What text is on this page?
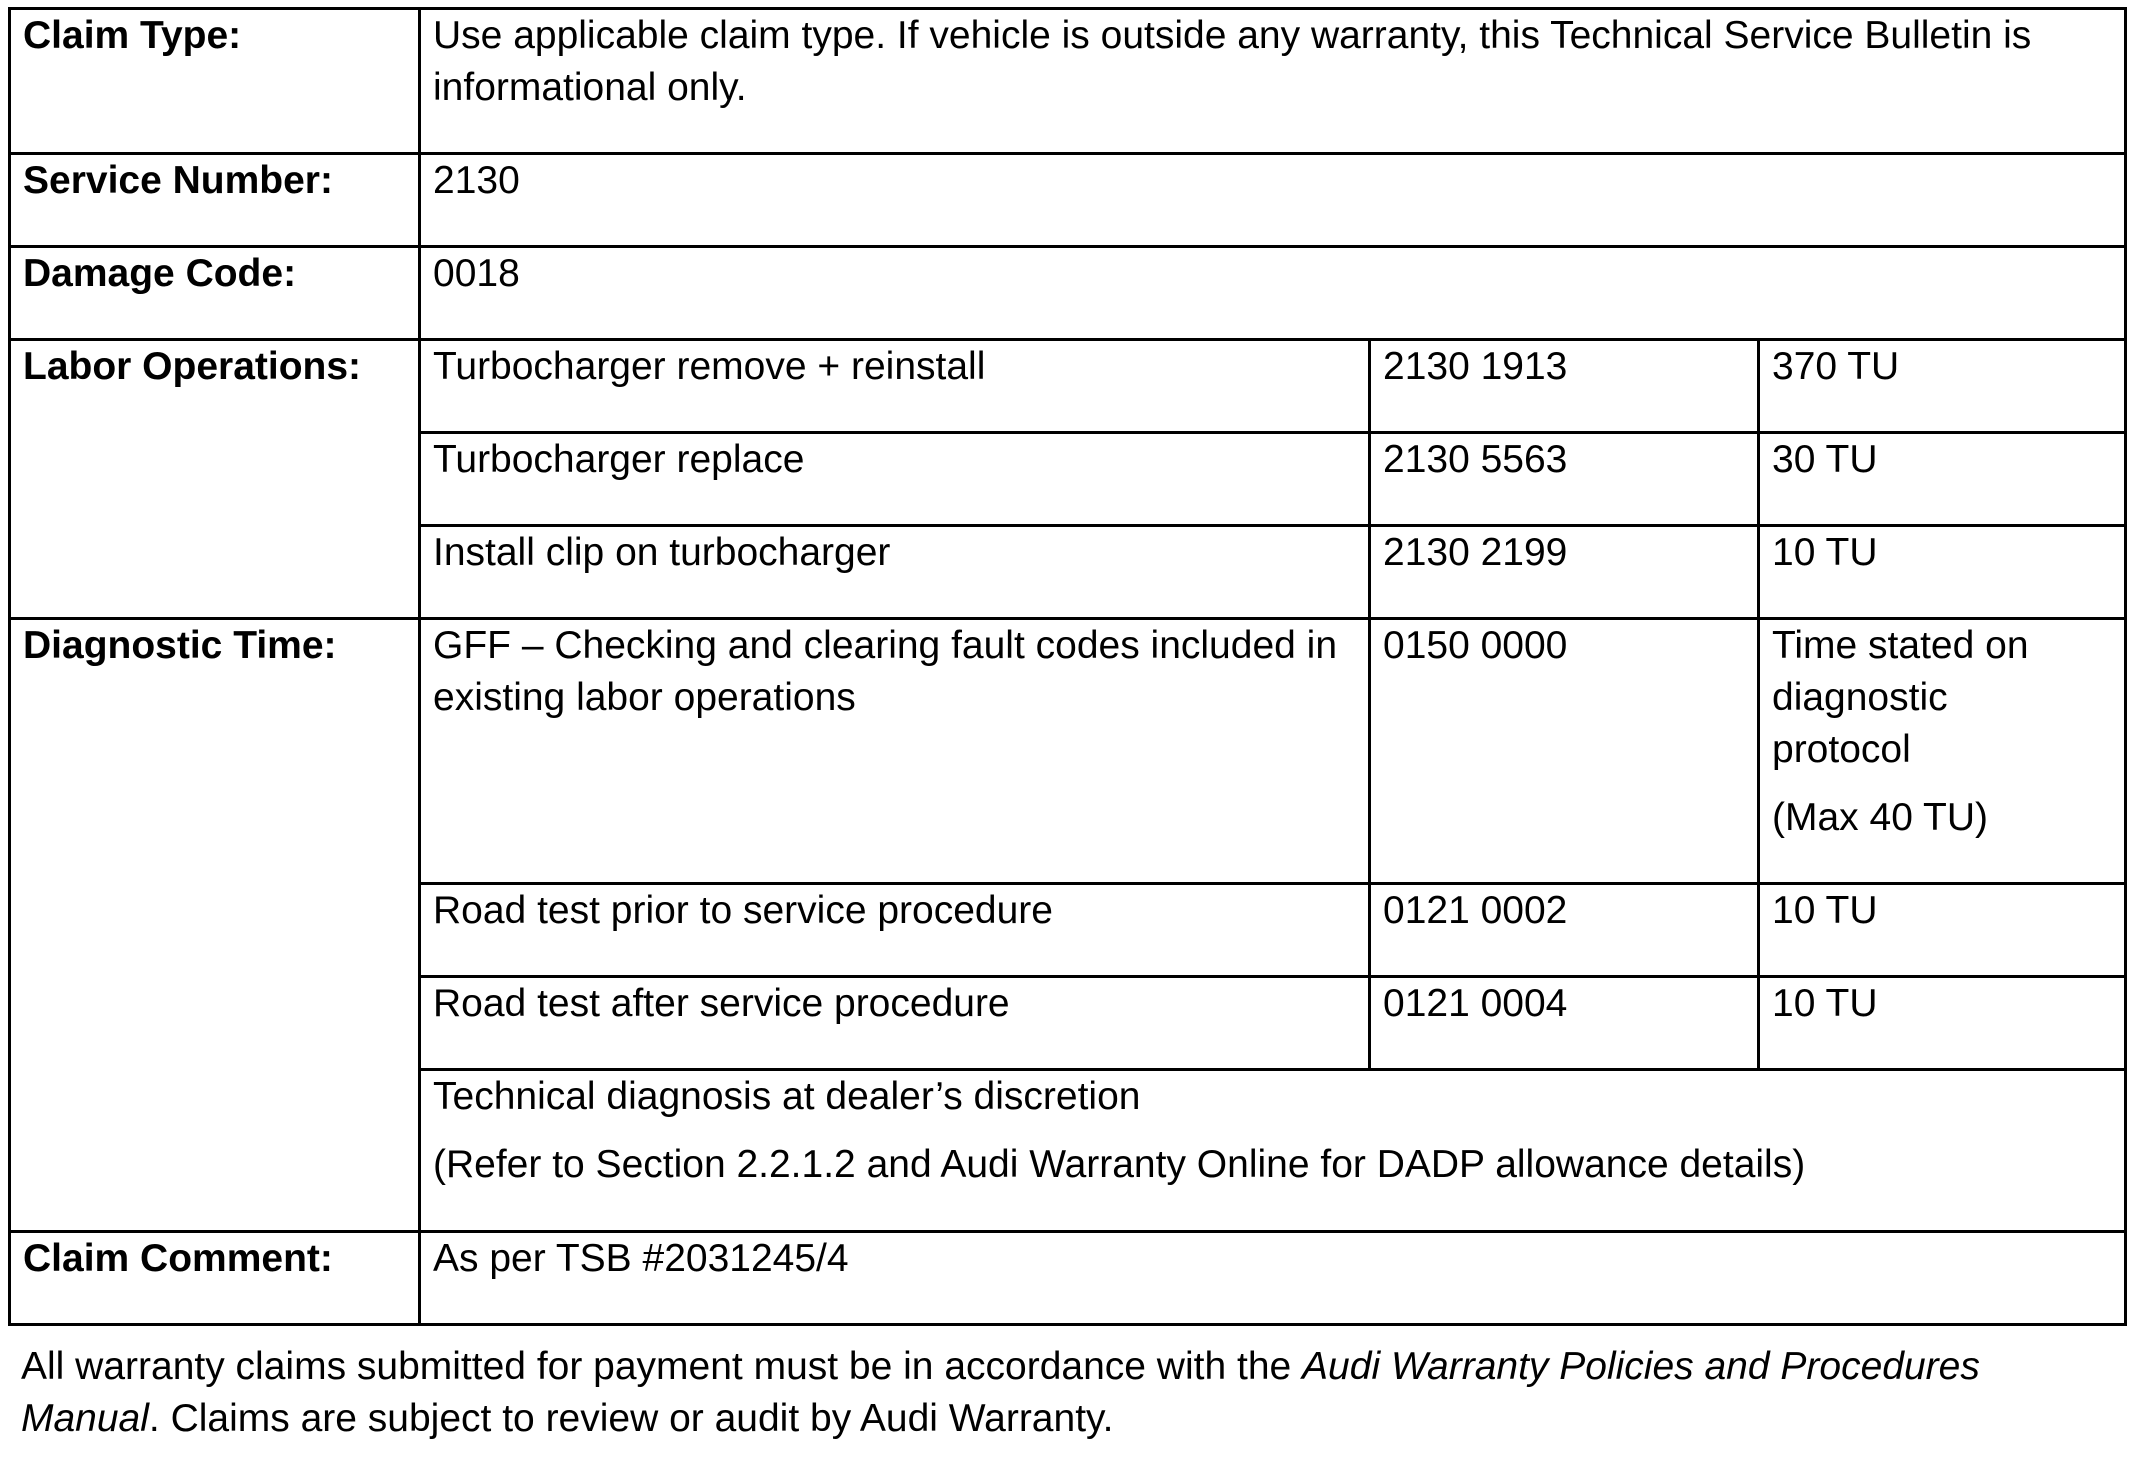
Claim Type:	Use applicable claim type. If vehicle is outside any warranty, this Technical Service Bulletin is informational only.		
Service Number:	2130		
Damage Code:	0018		
Labor Operations:	Turbocharger remove + reinstall	2130 1913	370 TU
	Turbocharger replace	2130 5563	30 TU
	Install clip on turbocharger	2130 2199	10 TU
Diagnostic Time:	GFF – Checking and clearing fault codes included in existing labor operations	0150 0000	Time stated on diagnostic protocol
(Max 40 TU)

	Road test prior to service procedure	0121 0002	10 TU
	Road test after service procedure	0121 0004	10 TU

	Technical diagnosis at dealer’s discretion
(Refer to Section 2.2.1.2 and Audi Warranty Online for DADP allowance details)		

Claim Comment:	As per TSB #2031245/4		

All warranty claims submitted for payment must be in accordance with the Audi Warranty Policies and Procedures Manual. Claims are subject to review or audit by Audi Warranty.
